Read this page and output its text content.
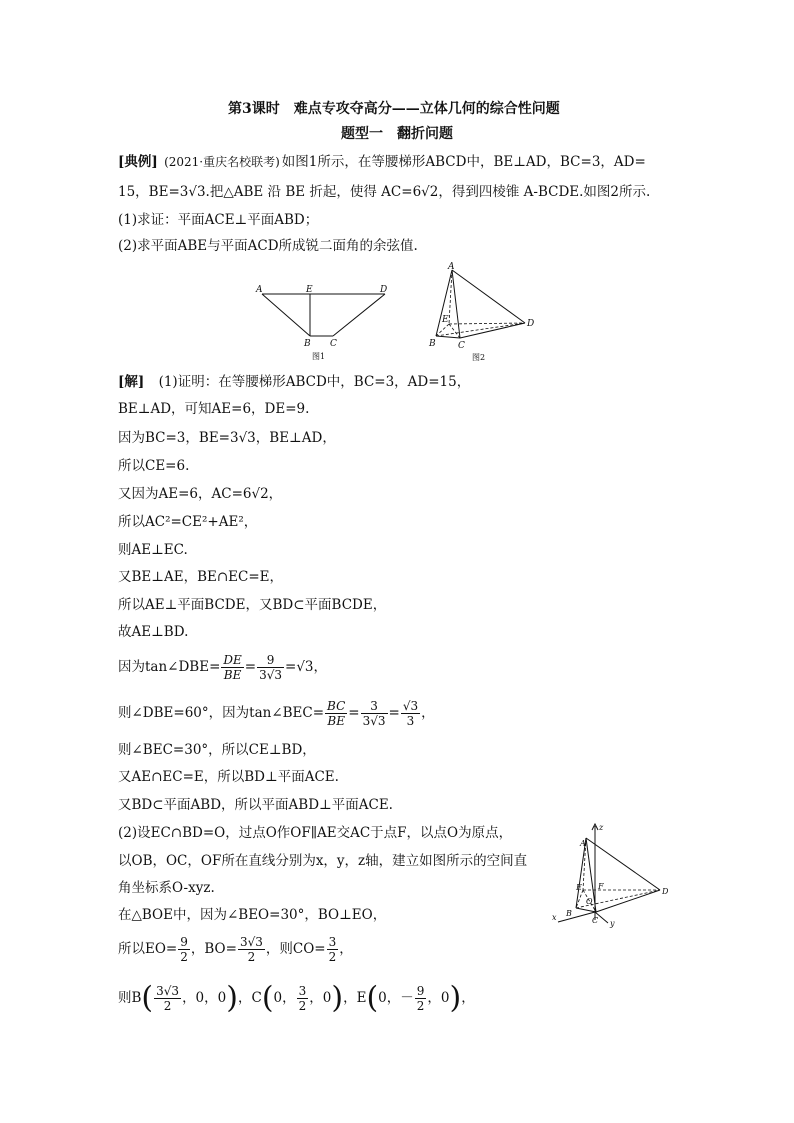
第3课时　难点专攻夺高分——立体几何的综合性问题
题型一　翻折问题
[典例] (2021·重庆名校联考) 如图1所示，在等腰梯形ABCD中，BE⊥AD，BC=3，AD=
15，BE=3√3.把△ABE 沿 BE 折起，使得 AC=6√2，得到四棱锥 A-BCDE.如图2所示.
(1)求证：平面ACE⊥平面ABD；
(2)求平面ABE与平面ACD所成锐二面角的余弦值.
A	E	D
B C
图1
A
E	D
B C
图2
[解] (1)证明：在等腰梯形ABCD中，BC=3，AD=15，
BE⊥AD，可知AE=6，DE=9.
因为BC=3，BE=3√3，BE⊥AD，
所以CE=6.
又因为AE=6，AC=6√2，
所以AC²=CE²+AE²，
则AE⊥EC.
又BE⊥AE，BE∩EC=E，
所以AE⊥平面BCDE，又BD⊂平面BCDE，
故AE⊥BD.
因为tan∠DBE= $\frac{DE}{BE} = \frac{9}{3√3} =√3$，
则∠DBE=60°，因为tan∠BEC= $\frac{BC}{BE} = \frac{3}{3√3} = \frac{√3}{3}$ ，
则∠BEC=30°，所以CE⊥BD，
又AE∩EC=E，所以BD⊥平面ACE.
又BD⊂平面ABD，所以平面ABD⊥平面ACE.
(2)设EC∩BD=O，过点O作OF∥AE交AC于点F，以点O为原点，
以OB，OC，OF所在直线分别为x，y，z轴，建立如图所示的空间直
角坐标系O-xyz.
在△BOE中，因为∠BEO=30°，BO⊥EO，
所以$EO= \frac{9}{2}$ ，$BO= \frac{3√3}{2}$ ，则$CO= \frac{3}{2}$ ，
则$B( \frac{3√3}{2}$ ，0，0)，C(0， $\frac{3}{2}$ ，0)，E(0，－ $\frac{9}{2}$ ，0)，
z
A
F
E
O
D
x B
C y
